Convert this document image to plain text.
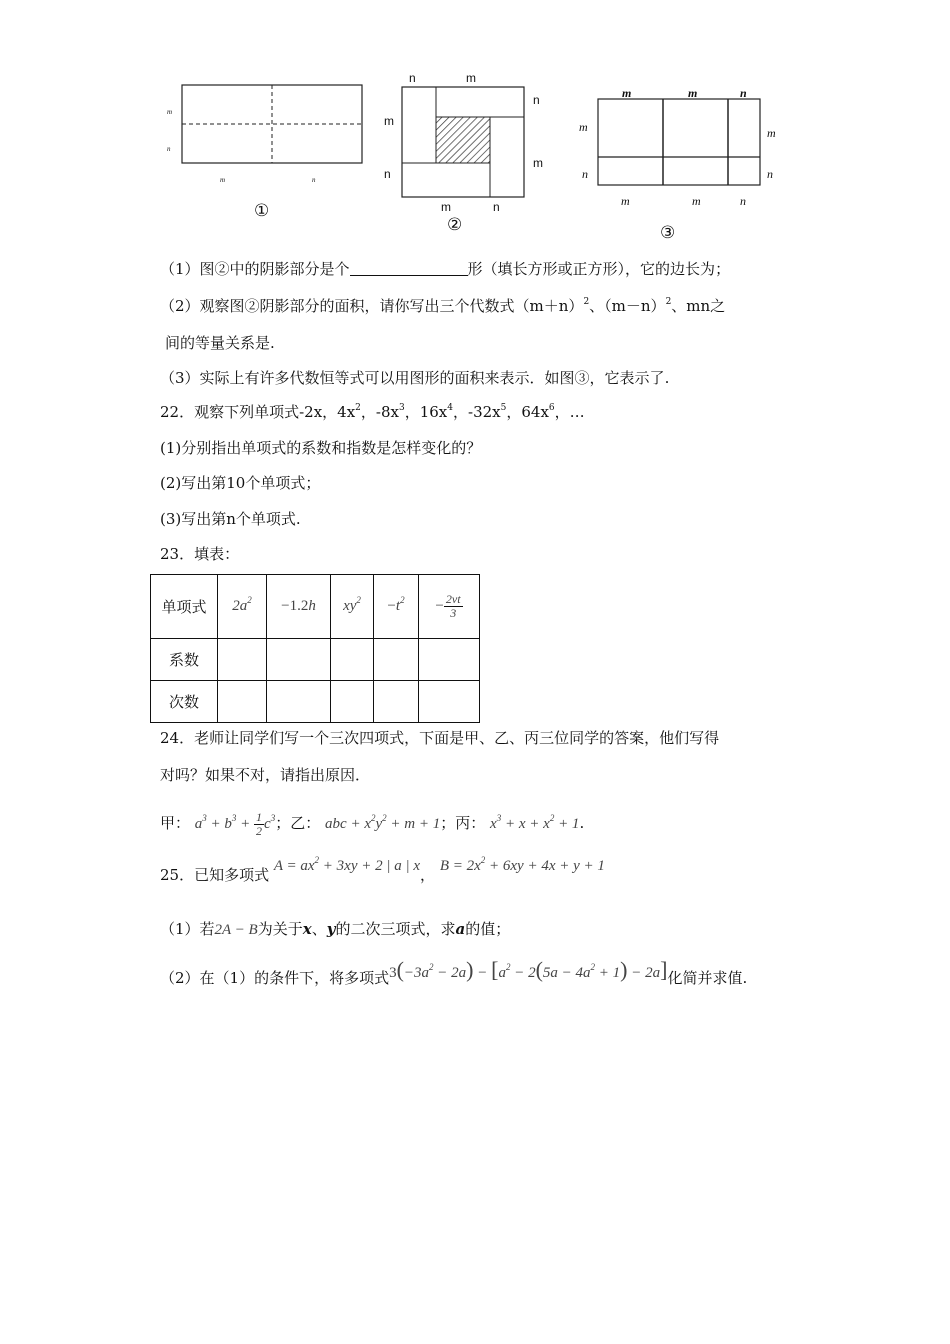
m
n
m	n
①
n	m
n
m
m
n
m	n
②
m	m	n
m
n
m
n
m	m	n
③
（1）图②中的阴影部分是个	形（填长方形或正方形），它的边长为；
（2）观察图②阴影部分的面积，请你写出三个代数式$(m+n)^2$、$(m-n)^2$、mn之
间的等量关系是.
（3）实际上有许多代数恒等式可以用图形的面积来表示．如图③，它表示了.
22．观察下列单项式-2x，$4x^2$，$-8x^3$，$16x^4$，$-32x^5$，$64x^6$，…
(1)分别指出单项式的系数和指数是怎样变化的？
(2)写出第10个单项式；
(3)写出第n个单项式.
23．填表：
单项式	$2a^2$	−1.2h	$xy^2$	$-t^2$	− $\frac{2vt}{3}$

系数					
次数					
24．老师让同学们写一个三次四项式，下面是甲、乙、丙三位同学的答案，他们写得
对吗？如果不对，请指出原因．
甲： $a^3 + b^3 + \frac{1}{2} c^3$；乙： abc + $x^2y^2 + m + 1$；丙： $x^3 + x + x^2 + 1$.
25．已知多项式 $A = ax^2 + 3xy + 2$ | a | x， $B = 2x^2 + 6xy + 4x + y + 1$
（1）若2A − B为关于x、y的二次三项式，求a的值；
（2）在（1）的条件下，将多项式$3(-3a^2 - 2a) - [a^2 - 2(5a - 4a^2 + 1) - 2a]$化简并求值.
